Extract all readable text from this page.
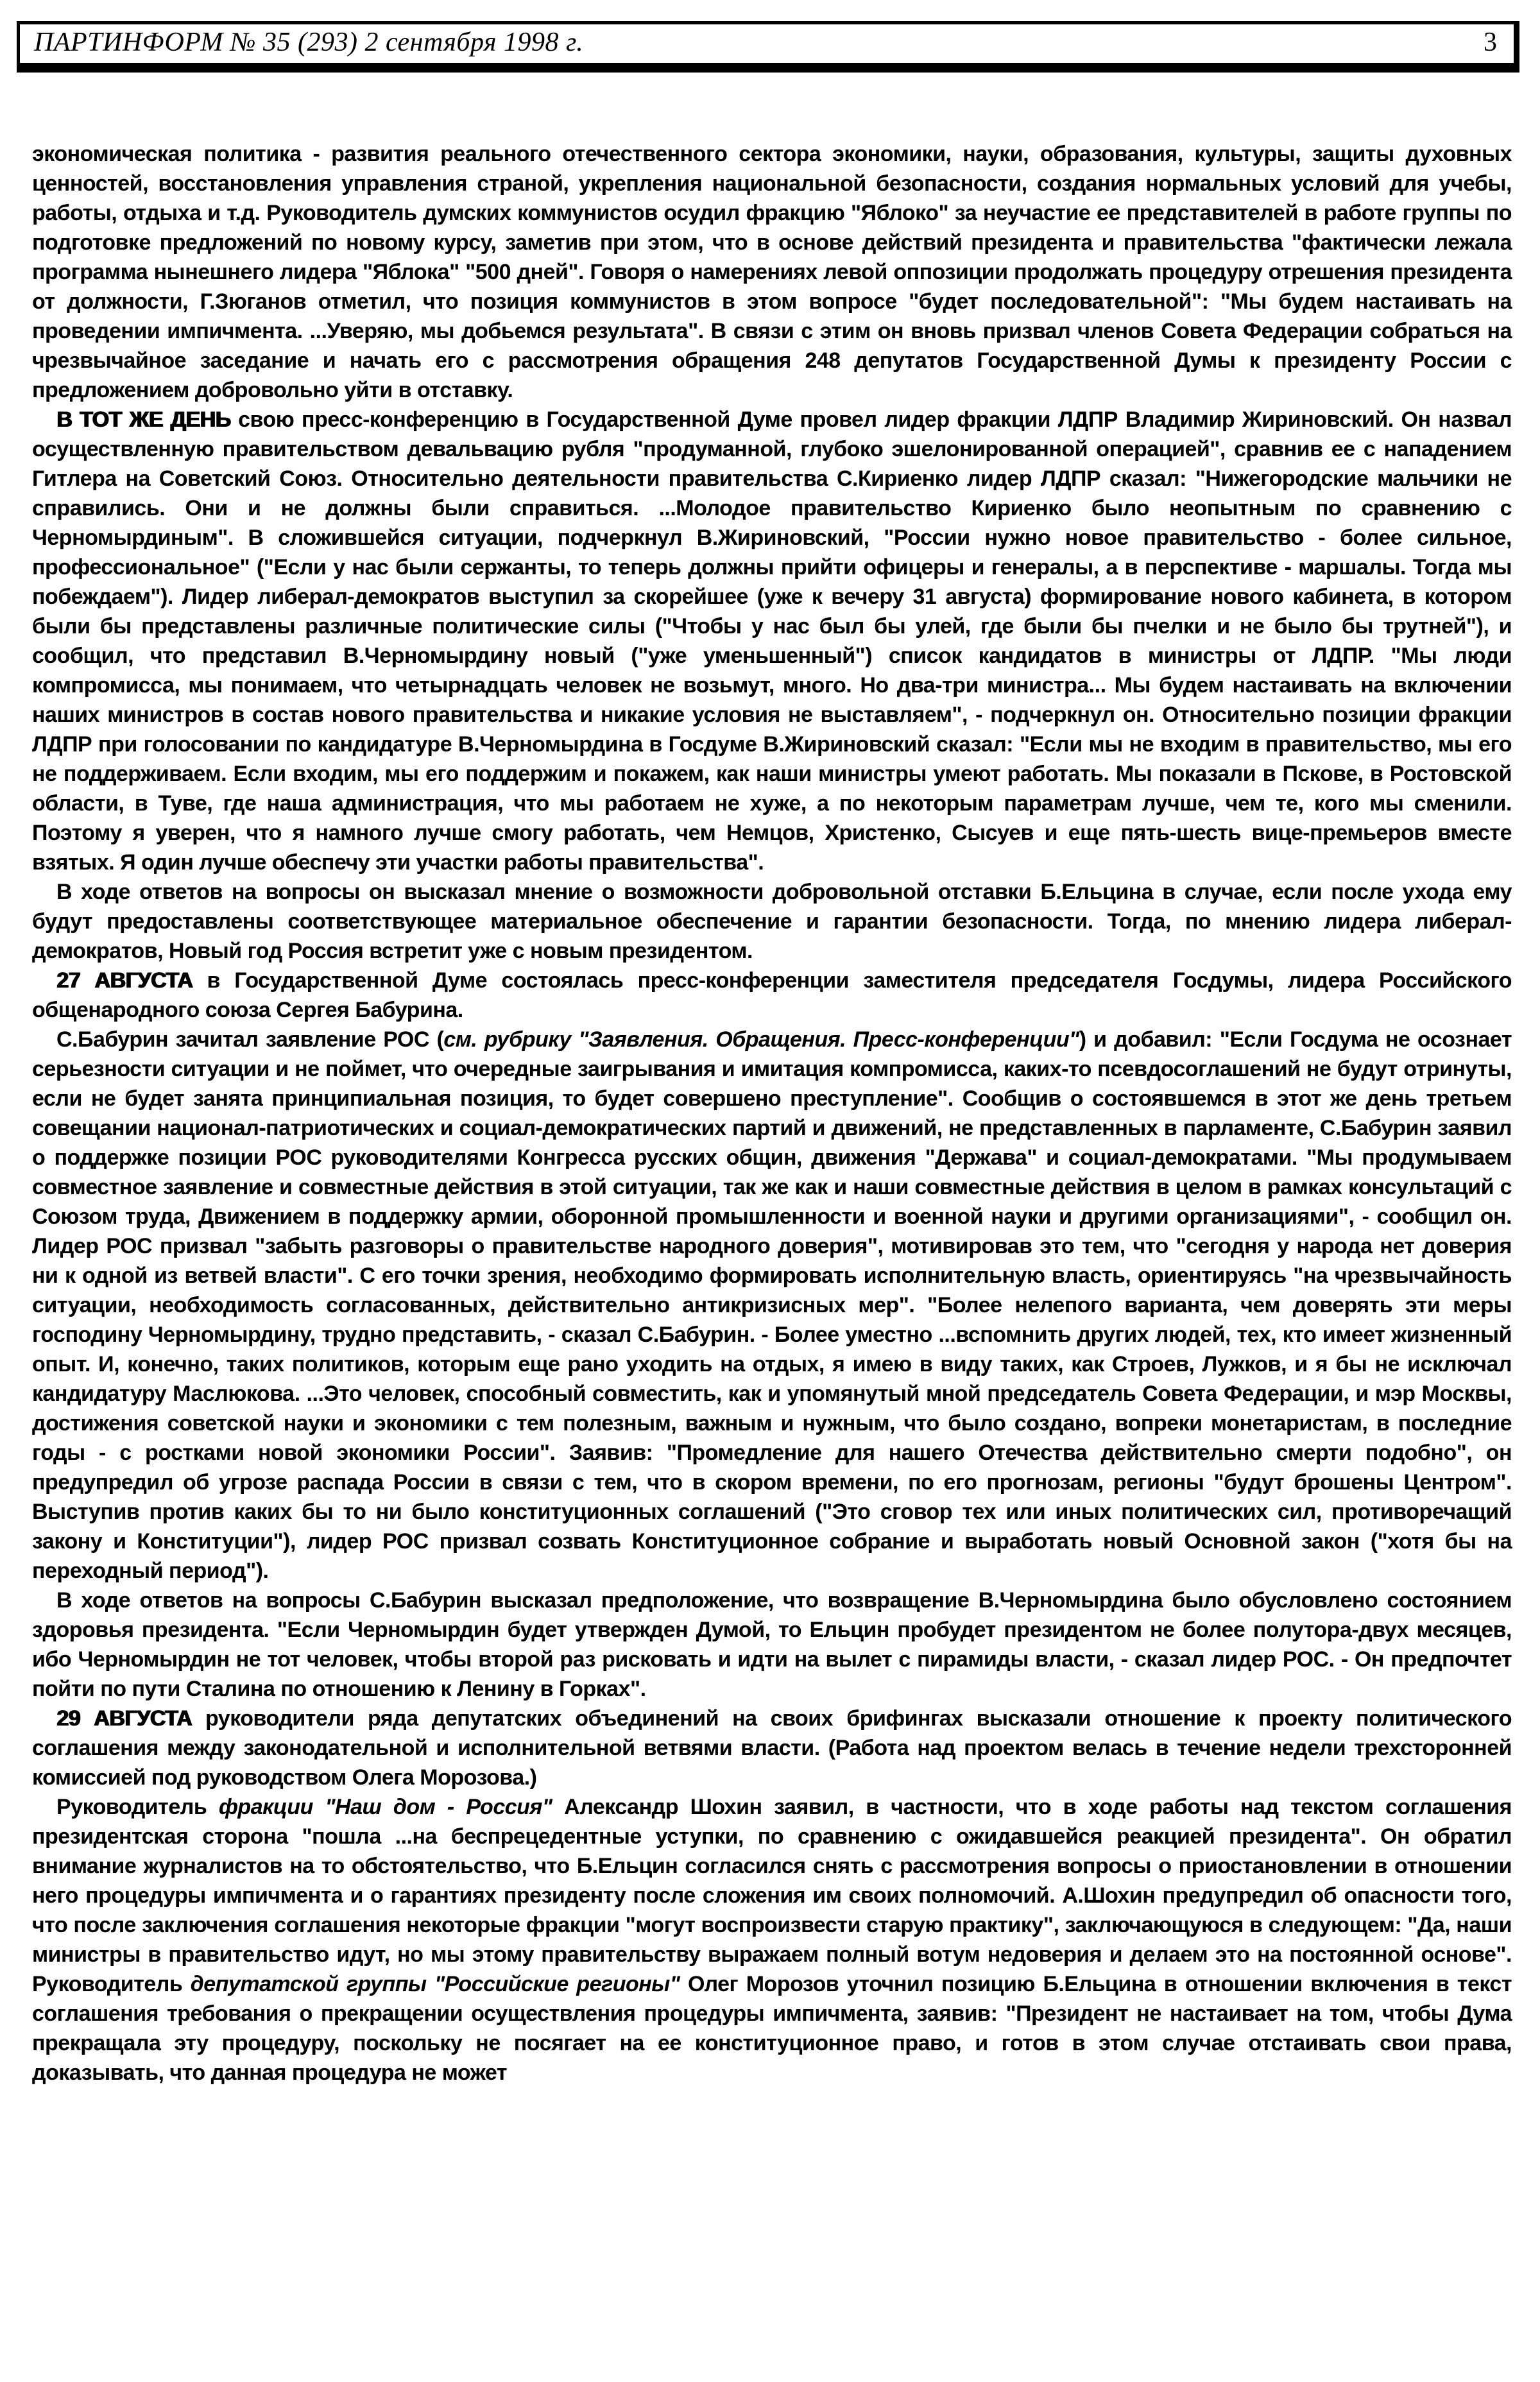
ПАРТИНФОРМ № 35 (293) 2 сентября 1998 г.	3

экономическая политика - развития реального отечественного сектора экономики, науки, образования, культуры, защиты духовных ценностей, восстановления управления страной, укрепления национальной безопасности, создания нормальных условий для учебы, работы, отдыха и т.д. Руководитель думских коммунистов осудил фракцию "Яблоко" за неучастие ее представителей в работе группы по подготовке предложений по новому курсу, заметив при этом, что в основе действий президента и правительства "фактически лежала программа нынешнего лидера "Яблока" "500 дней". Говоря о намерениях левой оппозиции продолжать процедуру отрешения президента от должности, Г.Зюганов отметил, что позиция коммунистов в этом вопросе "будет последовательной": "Мы будем настаивать на проведении импичмента. ...Уверяю, мы добьемся результата". В связи с этим он вновь призвал членов Совета Федерации собраться на чрезвычайное заседание и начать его с рассмотрения обращения 248 депутатов Государственной Думы к президенту России с предложением добровольно уйти в отставку.

В ТОТ ЖЕ ДЕНЬ свою пресс-конференцию в Государственной Думе провел лидер фракции ЛДПР Владимир Жириновский. Он назвал осуществленную правительством девальвацию рубля "продуманной, глубоко эшелонированной операцией", сравнив ее с нападением Гитлера на Советский Союз. Относительно деятельности правительства С.Кириенко лидер ЛДПР сказал: "Нижегородские мальчики не справились. Они и не должны были справиться. ...Молодое правительство Кириенко было неопытным по сравнению с Черномырдиным". В сложившейся ситуации, подчеркнул В.Жириновский, "России нужно новое правительство - более сильное, профессиональное" ("Если у нас были сержанты, то теперь должны прийти офицеры и генералы, а в перспективе - маршалы. Тогда мы побеждаем"). Лидер либерал-демократов выступил за скорейшее (уже к вечеру 31 августа) формирование нового кабинета, в котором были бы представлены различные политические силы ("Чтобы у нас был бы улей, где были бы пчелки и не было бы трутней"), и сообщил, что представил В.Черномырдину новый ("уже уменьшенный") список кандидатов в министры от ЛДПР. "Мы люди компромисса, мы понимаем, что четырнадцать человек не возьмут, много. Но два-три министра... Мы будем настаивать на включении наших министров в состав нового правительства и никакие условия не выставляем", - подчеркнул он. Относительно позиции фракции ЛДПР при голосовании по кандидатуре В.Черномырдина в Госдуме В.Жириновский сказал: "Если мы не входим в правительство, мы его не поддерживаем. Если входим, мы его поддержим и покажем, как наши министры умеют работать. Мы показали в Пскове, в Ростовской области, в Туве, где наша администрация, что мы работаем не хуже, а по некоторым параметрам лучше, чем те, кого мы сменили. Поэтому я уверен, что я намного лучше смогу работать, чем Немцов, Христенко, Сысуев и еще пять-шесть вице-премьеров вместе взятых. Я один лучше обеспечу эти участки работы правительства".

В ходе ответов на вопросы он высказал мнение о возможности добровольной отставки Б.Ельцина в случае, если после ухода ему будут предоставлены соответствующее материальное обеспечение и гарантии безопасности. Тогда, по мнению лидера либерал-демократов, Новый год Россия встретит уже с новым президентом.

27 АВГУСТА в Государственной Думе состоялась пресс-конференции заместителя председателя Госдумы, лидера Российского общенародного союза Сергея Бабурина.

С.Бабурин зачитал заявление РОС (см. рубрику "Заявления. Обращения. Пресс-конференции") и добавил: "Если Госдума не осознает серьезности ситуации и не поймет, что очередные заигрывания и имитация компромисса, каких-то псевдосоглашений не будут отринуты, если не будет занята принципиальная позиция, то будет совершено преступление". Сообщив о состоявшемся в этот же день третьем совещании национал-патриотических и социал-демократических партий и движений, не представленных в парламенте, С.Бабурин заявил о поддержке позиции РОС руководителями Конгресса русских общин, движения "Держава" и социал-демократами. "Мы продумываем совместное заявление и совместные действия в этой ситуации, так же как и наши совместные действия в целом в рамках консультаций с Союзом труда, Движением в поддержку армии, оборонной промышленности и военной науки и другими организациями", - сообщил он. Лидер РОС призвал "забыть разговоры о правительстве народного доверия", мотивировав это тем, что "сегодня у народа нет доверия ни к одной из ветвей власти". С его точки зрения, необходимо формировать исполнительную власть, ориентируясь "на чрезвычайность ситуации, необходимость согласованных, действительно антикризисных мер". "Более нелепого варианта, чем доверять эти меры господину Черномырдину, трудно представить, - сказал С.Бабурин. - Более уместно ...вспомнить других людей, тех, кто имеет жизненный опыт. И, конечно, таких политиков, которым еще рано уходить на отдых, я имею в виду таких, как Строев, Лужков, и я бы не исключал кандидатуру Маслюкова. ...Это человек, способный совместить, как и упомянутый мной председатель Совета Федерации, и мэр Москвы, достижения советской науки и экономики с тем полезным, важным и нужным, что было создано, вопреки монетаристам, в последние годы - с ростками новой экономики России". Заявив: "Промедление для нашего Отечества действительно смерти подобно", он предупредил об угрозе распада России в связи с тем, что в скором времени, по его прогнозам, регионы "будут брошены Центром". Выступив против каких бы то ни было конституционных соглашений ("Это сговор тех или иных политических сил, противоречащий закону и Конституции"), лидер РОС призвал созвать Конституционное собрание и выработать новый Основной закон ("хотя бы на переходный период").

В ходе ответов на вопросы С.Бабурин высказал предположение, что возвращение В.Черномырдина было обусловлено состоянием здоровья президента. "Если Черномырдин будет утвержден Думой, то Ельцин пробудет президентом не более полутора-двух месяцев, ибо Черномырдин не тот человек, чтобы второй раз рисковать и идти на вылет с пирамиды власти, - сказал лидер РОС. - Он предпочтет пойти по пути Сталина по отношению к Ленину в Горках".

29 АВГУСТА руководители ряда депутатских объединений на своих брифингах высказали отношение к проекту политического соглашения между законодательной и исполнительной ветвями власти. (Работа над проектом велась в течение недели трехсторонней комиссией под руководством Олега Морозова.)

Руководитель фракции "Наш дом - Россия" Александр Шохин заявил, в частности, что в ходе работы над текстом соглашения президентская сторона "пошла ...на беспрецедентные уступки, по сравнению с ожидавшейся реакцией президента". Он обратил внимание журналистов на то обстоятельство, что Б.Ельцин согласился снять с рассмотрения вопросы о приостановлении в отношении него процедуры импичмента и о гарантиях президенту после сложения им своих полномочий. А.Шохин предупредил об опасности того, что после заключения соглашения некоторые фракции "могут воспроизвести старую практику", заключающуюся в следующем: "Да, наши министры в правительство идут, но мы этому правительству выражаем полный вотум недоверия и делаем это на постоянной основе". Руководитель депутатской группы "Российские регионы" Олег Морозов уточнил позицию Б.Ельцина в отношении включения в текст соглашения требования о прекращении осуществления процедуры импичмента, заявив: "Президент не настаивает на том, чтобы Дума прекращала эту процедуру, поскольку не посягает на ее конституционное право, и готов в этом случае отстаивать свои права, доказывать, что данная процедура не может
